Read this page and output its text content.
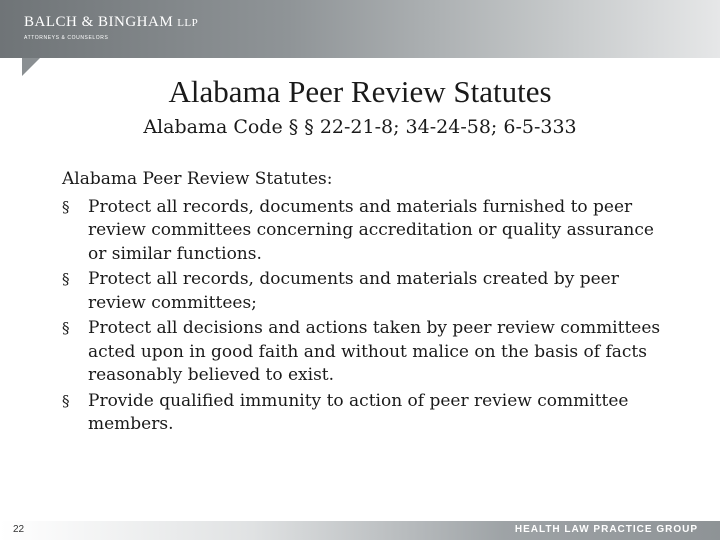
BALCH & BINGHAM LLP
ATTORNEYS & COUNSELORS
Alabama Peer Review Statutes
Alabama Code § § 22-21-8; 34-24-58; 6-5-333

Alabama Peer Review Statutes:

§	Protect all records, documents and materials furnished to peer review committees concerning accreditation or quality assurance or similar functions.
§	Protect all records, documents and materials created by peer review committees;
§	Protect all decisions and actions taken by peer review committees acted upon in good faith and without malice on the basis of facts reasonably believed to exist.
§	Provide qualified immunity to action of peer review committee members.
22	HEALTH LAW PRACTICE GROUP
